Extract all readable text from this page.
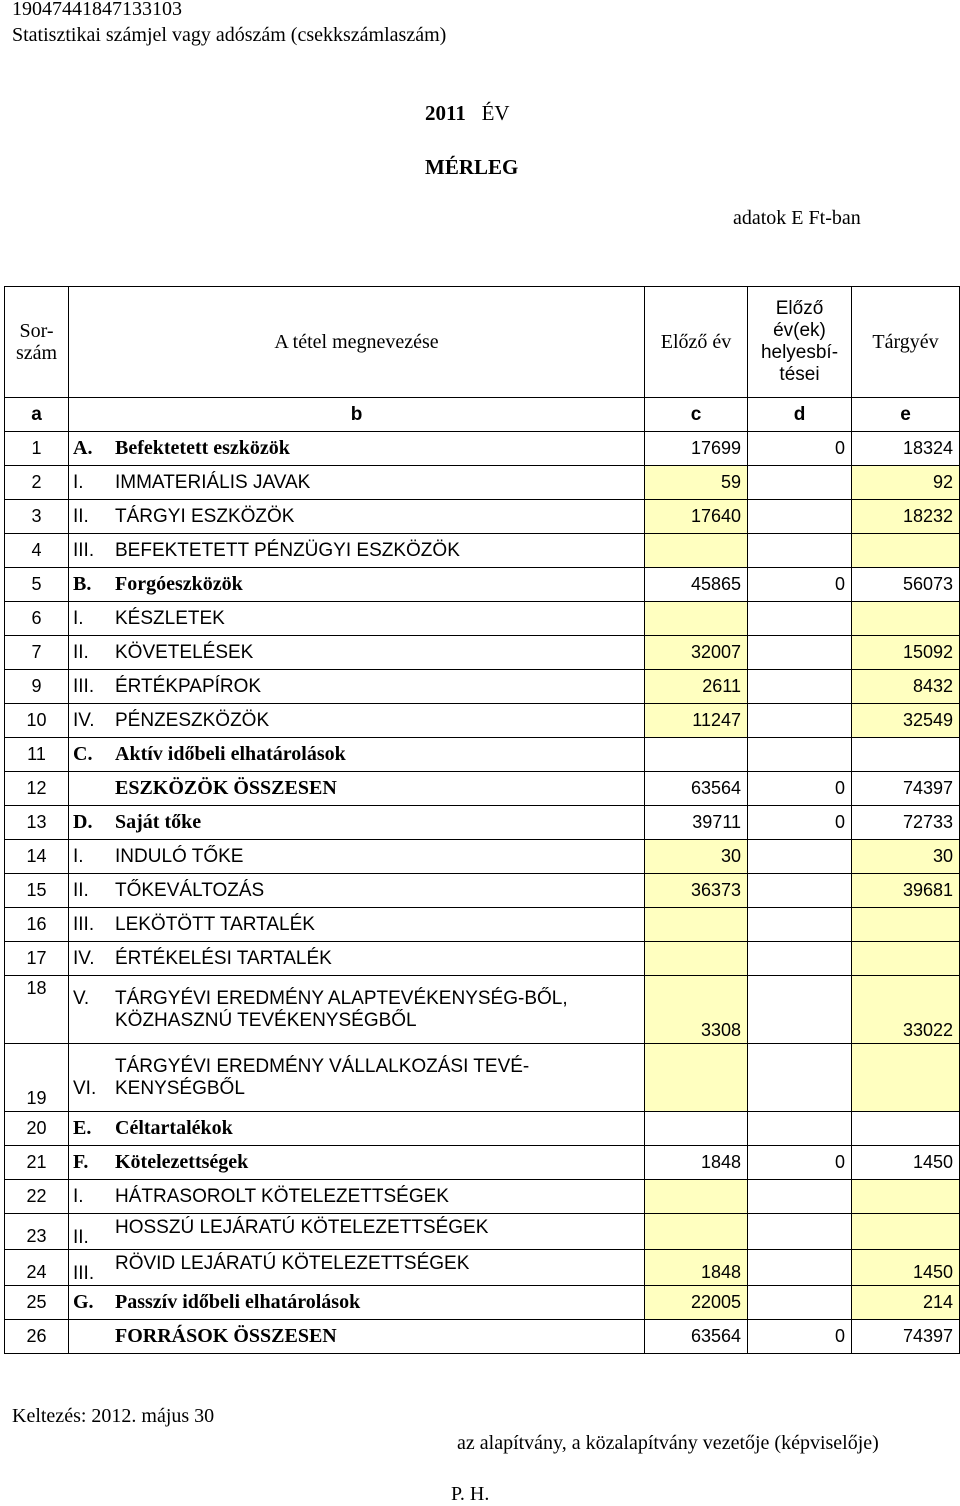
19047441847133103
Statisztikai számjel vagy adószám (csekkszámlaszám)
2011 ÉV
MÉRLEG
adatok E Ft-ban
Sor-szám	A tétel megnevezése	Előző év	Előző év(ek) helyesbí-tései	Tárgyév
a	b	c	d	e
1	A. Befektetett eszközök	17699	0	18324
2	I. IMMATERIÁLIS JAVAK	59		92
3	II. TÁRGYI ESZKÖZÖK	17640		18232
4	III. BEFEKTETETT PÉNZÜGYI ESZKÖZÖK			
5	B. Forgóeszközök	45865	0	56073
6	I. KÉSZLETEK			
7	II. KÖVETELÉSEK	32007		15092
9	III. ÉRTÉKPAPÍROK	2611		8432
10	IV. PÉNZESZKÖZÖK	11247		32549
11	C. Aktív időbeli elhatárolások			
12	ESZKÖZÖK ÖSSZESEN	63564	0	74397
13	D. Saját tőke	39711	0	72733
14	I. INDULÓ TŐKE	30		30
15	II. TŐKEVÁLTOZÁS	36373		39681
16	III. LEKÖTÖTT TARTALÉK			
17	IV. ÉRTÉKELÉSI TARTALÉK			
18	V. TÁRGYÉVI EREDMÉNY ALAPTEVÉKENYSÉG-BŐL, KÖZHASZNÚ TEVÉKENYSÉGBŐL	3308		33022
19	VI.TÁRGYÉVI EREDMÉNY VÁLLALKOZÁSI TEVÉ-KENYSÉGBŐL			
20	E. Céltartalékok			
21	F. Kötelezettségek	1848	0	1450
22	I. HÁTRASOROLT KÖTELEZETTSÉGEK			
23	II. HOSSZÚ LEJÁRATÚ KÖTELEZETTSÉGEK			
24	III. RÖVID LEJÁRATÚ KÖTELEZETTSÉGEK	1848		1450
25	G. Passzív időbeli elhatárolások	22005		214
26	FORRÁSOK ÖSSZESEN	63564	0	74397
Keltezés: 2012. május 30
az alapítvány, a közalapítvány vezetője (képviselője)
P. H.
